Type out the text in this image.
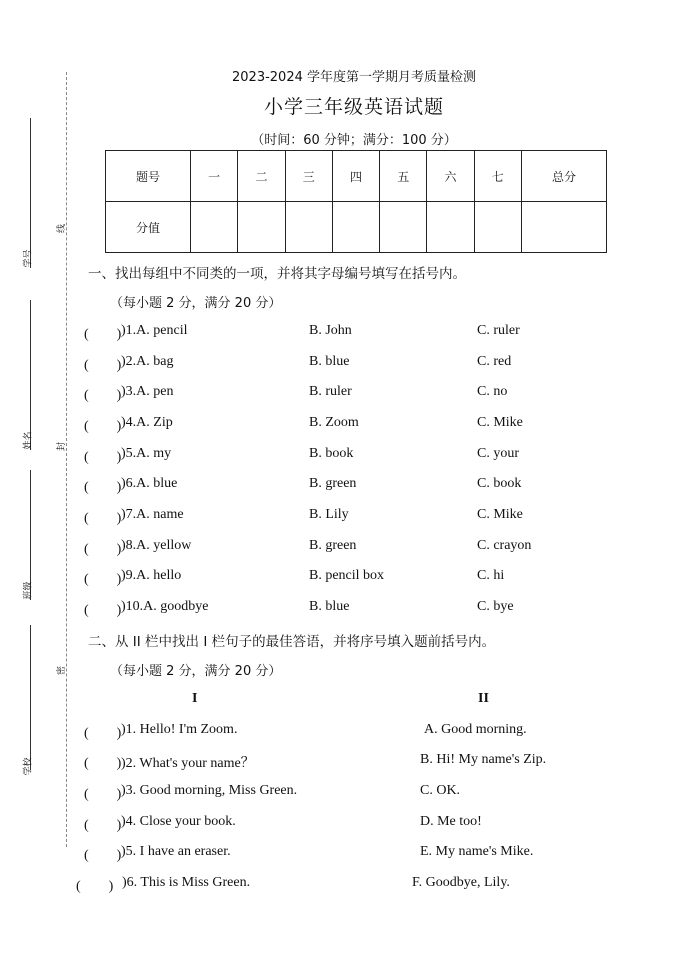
学号
姓名
班级
学校
线
封
密
2023-2024 学年度第一学期月考质量检测
小学三年级英语试题
（时间：60 分钟；满分：100 分）
题号	一	二	三	四	五	六	七	总分
分值								
一、找出每组中不同类的一项，并将其字母编号填写在括号内。
（每小题 2 分，满分 20 分）
(　　) )1.A. pencil	B. John	C. ruler
(　　) )2.A. bag	B. blue	C. red
(　　) )3.A. pen	B. ruler	C. no
(　　) )4.A. Zip	B. Zoom	C. Mike
(　　) )5.A. my	B. book	C. your
(　　) )6.A. blue	B. green	C. book
(　　) )7.A. name	B. Lily	C. Mike
(　　) )8.A. yellow	B. green	C. crayon
(　　) )9.A. hello	B. pencil box	C. hi
(　　) )10.A. goodbye	B. blue	C. bye
二、从 II 栏中找出 I 栏句子的最佳答语，并将序号填入题前括号内。
（每小题 2 分，满分 20 分）
I	II
(　　) )1. Hello! I'm Zoom.	A. Good morning.
(　　) )2. What's your name？	B. Hi! My name's Zip.
(　　) )3. Good morning, Miss Green.	C. OK.
(　　) )4. Close your book.	D. Me too!
(　　) )5. I have an eraser.	E. My name's Mike.
(　　) )6. This is Miss Green.	F. Goodbye, Lily.
